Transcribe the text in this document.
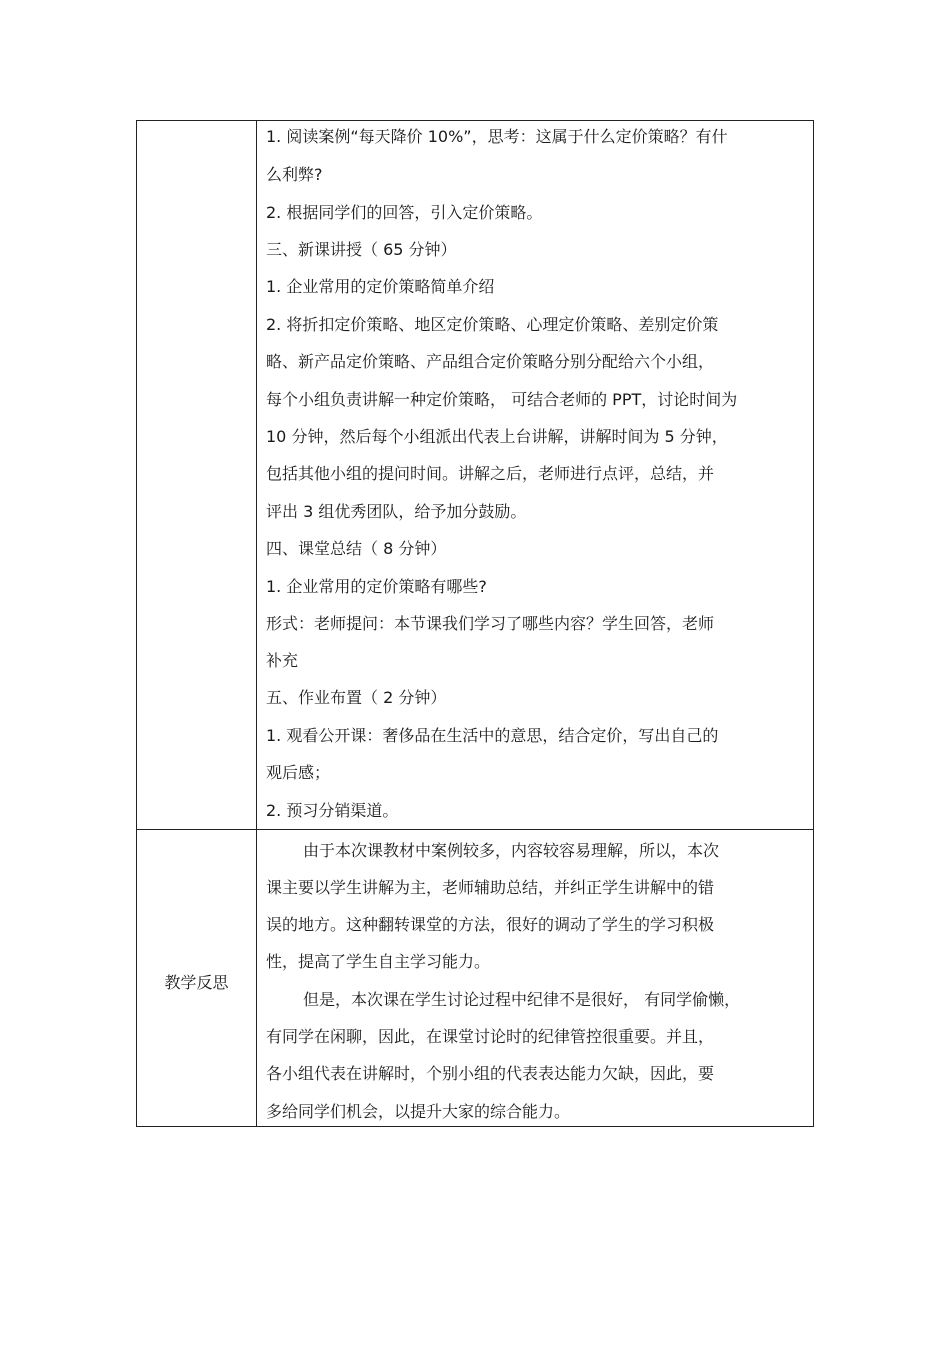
1. 阅读案例“每天降价 10%”，思考：这属于什么定价策略？有什
么利弊?
2. 根据同学们的回答，引入定价策略。
三、新课讲授（ 65 分钟）
1. 企业常用的定价策略简单介绍
2. 将折扣定价策略、地区定价策略、心理定价策略、差别定价策
略、新产品定价策略、产品组合定价策略分别分配给六个小组，
每个小组负责讲解一种定价策略， 可结合老师的 PPT，讨论时间为
10 分钟，然后每个小组派出代表上台讲解，讲解时间为 5 分钟，
包括其他小组的提问时间。讲解之后，老师进行点评，总结，并
评出 3 组优秀团队，给予加分鼓励。
四、课堂总结（ 8 分钟）
1. 企业常用的定价策略有哪些?
形式：老师提问：本节课我们学习了哪些内容？学生回答，老师
补充
五、作业布置（ 2 分钟）
1. 观看公开课：奢侈品在生活中的意思，结合定价，写出自己的
观后感；
2. 预习分销渠道。
教学反思
由于本次课教材中案例较多，内容较容易理解，所以，本次
课主要以学生讲解为主，老师辅助总结，并纠正学生讲解中的错
误的地方。这种翻转课堂的方法，很好的调动了学生的学习积极
性，提高了学生自主学习能力。
但是，本次课在学生讨论过程中纪律不是很好， 有同学偷懒，
有同学在闲聊，因此，在课堂讨论时的纪律管控很重要。并且，
各小组代表在讲解时，个别小组的代表表达能力欠缺，因此，要
多给同学们机会，以提升大家的综合能力。
